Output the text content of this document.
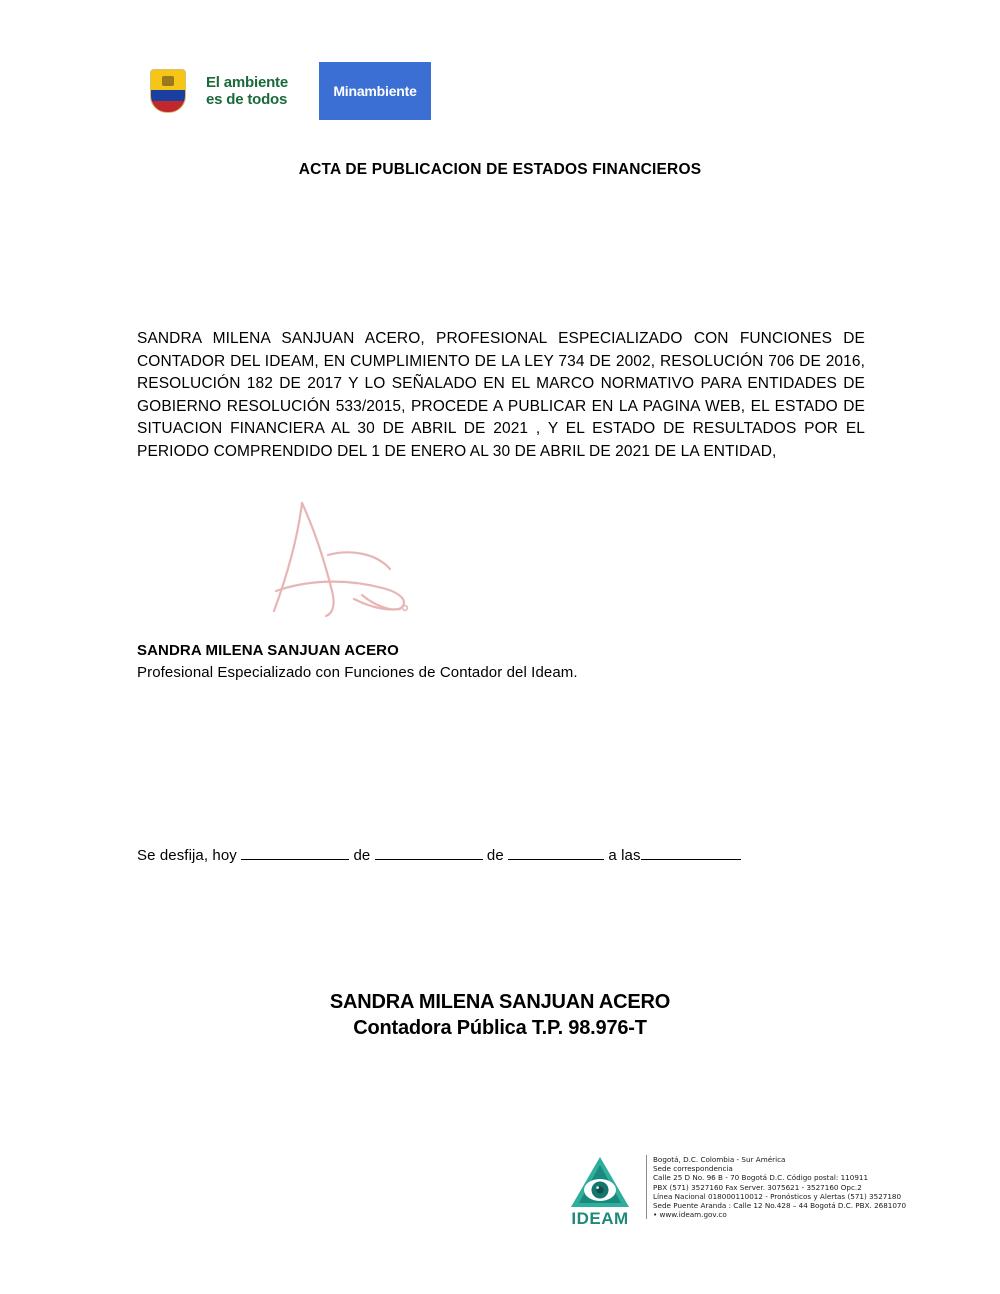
El ambiente
es de todos	Minambiente
ACTA DE PUBLICACION DE ESTADOS FINANCIEROS
SANDRA MILENA SANJUAN ACERO, PROFESIONAL ESPECIALIZADO CON FUNCIONES DE CONTADOR DEL IDEAM, EN CUMPLIMIENTO DE LA LEY 734 DE 2002, RESOLUCIÓN 706 DE 2016, RESOLUCIÓN 182 DE 2017 Y LO SEÑALADO EN EL MARCO NORMATIVO PARA ENTIDADES DE GOBIERNO RESOLUCIÓN 533/2015, PROCEDE A PUBLICAR EN LA PAGINA WEB, EL ESTADO DE SITUACION FINANCIERA AL 30 DE ABRIL DE 2021 , Y EL ESTADO DE RESULTADOS POR EL PERIODO COMPRENDIDO DEL 1 DE ENERO AL 30 DE ABRIL DE 2021 DE LA ENTIDAD,
SANDRA MILENA SANJUAN ACERO
Profesional Especializado con Funciones de Contador del Ideam.
Se desfija, hoy	de	de	a las
SANDRA MILENA SANJUAN ACERO
Contadora Pública T.P. 98.976-T
IDEAM
Bogotá, D.C. Colombia - Sur América
Sede correspondencia
Calle 25 D No. 96 B - 70 Bogotá D.C. Código postal: 110911
PBX (571) 3527160 Fax Server. 3075621 - 3527160 Opc.2
Línea Nacional 018000110012 - Pronósticos y Alertas (571) 3527180
Sede Puente Aranda : Calle 12 No.428 – 44 Bogotá D.C. PBX. 2681070
• www.ideam.gov.co
